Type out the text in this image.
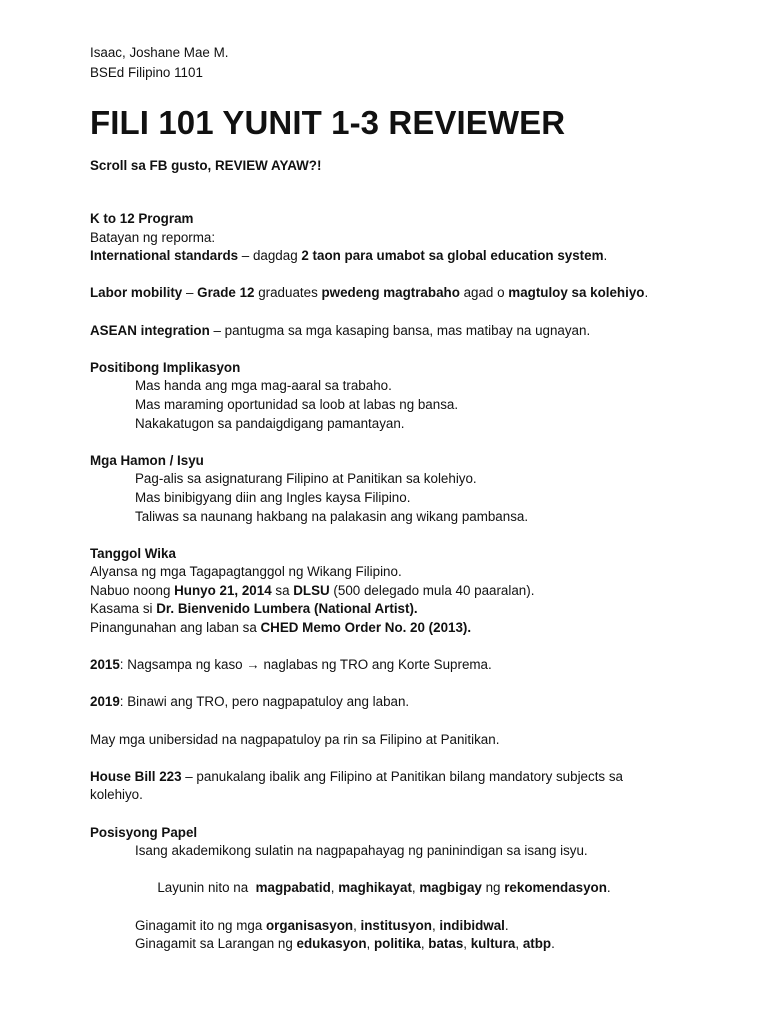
Isaac, Joshane Mae M.
BSEd Filipino 1101
FILI 101 YUNIT 1-3 REVIEWER
Scroll sa FB gusto, REVIEW AYAW?!
K to 12 Program
Batayan ng reporma:
International standards – dagdag 2 taon para umabot sa global education system.
Labor mobility – Grade 12 graduates pwedeng magtrabaho agad o magtuloy sa kolehiyo.
ASEAN integration – pantugma sa mga kasaping bansa, mas matibay na ugnayan.
Positibong Implikasyon
Mas handa ang mga mag-aaral sa trabaho.
Mas maraming oportunidad sa loob at labas ng bansa.
Nakakatugon sa pandaigdigang pamantayan.
Mga Hamon / Isyu
Pag-alis sa asignaturang Filipino at Panitikan sa kolehiyo.
Mas binibigyang diin ang Ingles kaysa Filipino.
Taliwas sa naunang hakbang na palakasin ang wikang pambansa.
Tanggol Wika
Alyansa ng mga Tagapagtanggol ng Wikang Filipino.
Nabuo noong Hunyo 21, 2014 sa DLSU (500 delegado mula 40 paaralan).
Kasama si Dr. Bienvenido Lumbera (National Artist).
Pinangunahan ang laban sa CHED Memo Order No. 20 (2013).
2015: Nagsampa ng kaso → naglabas ng TRO ang Korte Suprema.
2019: Binawi ang TRO, pero nagpapatuloy ang laban.
May mga unibersidad na nagpapatuloy pa rin sa Filipino at Panitikan.
House Bill 223 – panukalang ibalik ang Filipino at Panitikan bilang mandatory subjects sa kolehiyo.
Posisyong Papel
Isang akademikong sulatin na nagpapahayag ng paninindigan sa isang isyu.

Layunin nito na  magpabatid, maghikayat, magbigay ng rekomendasyon.

Ginagamit ito ng mga organisasyon, institusyon, indibidwal.
Ginagamit sa Larangan ng edukasyon, politika, batas, kultura, atbp.
